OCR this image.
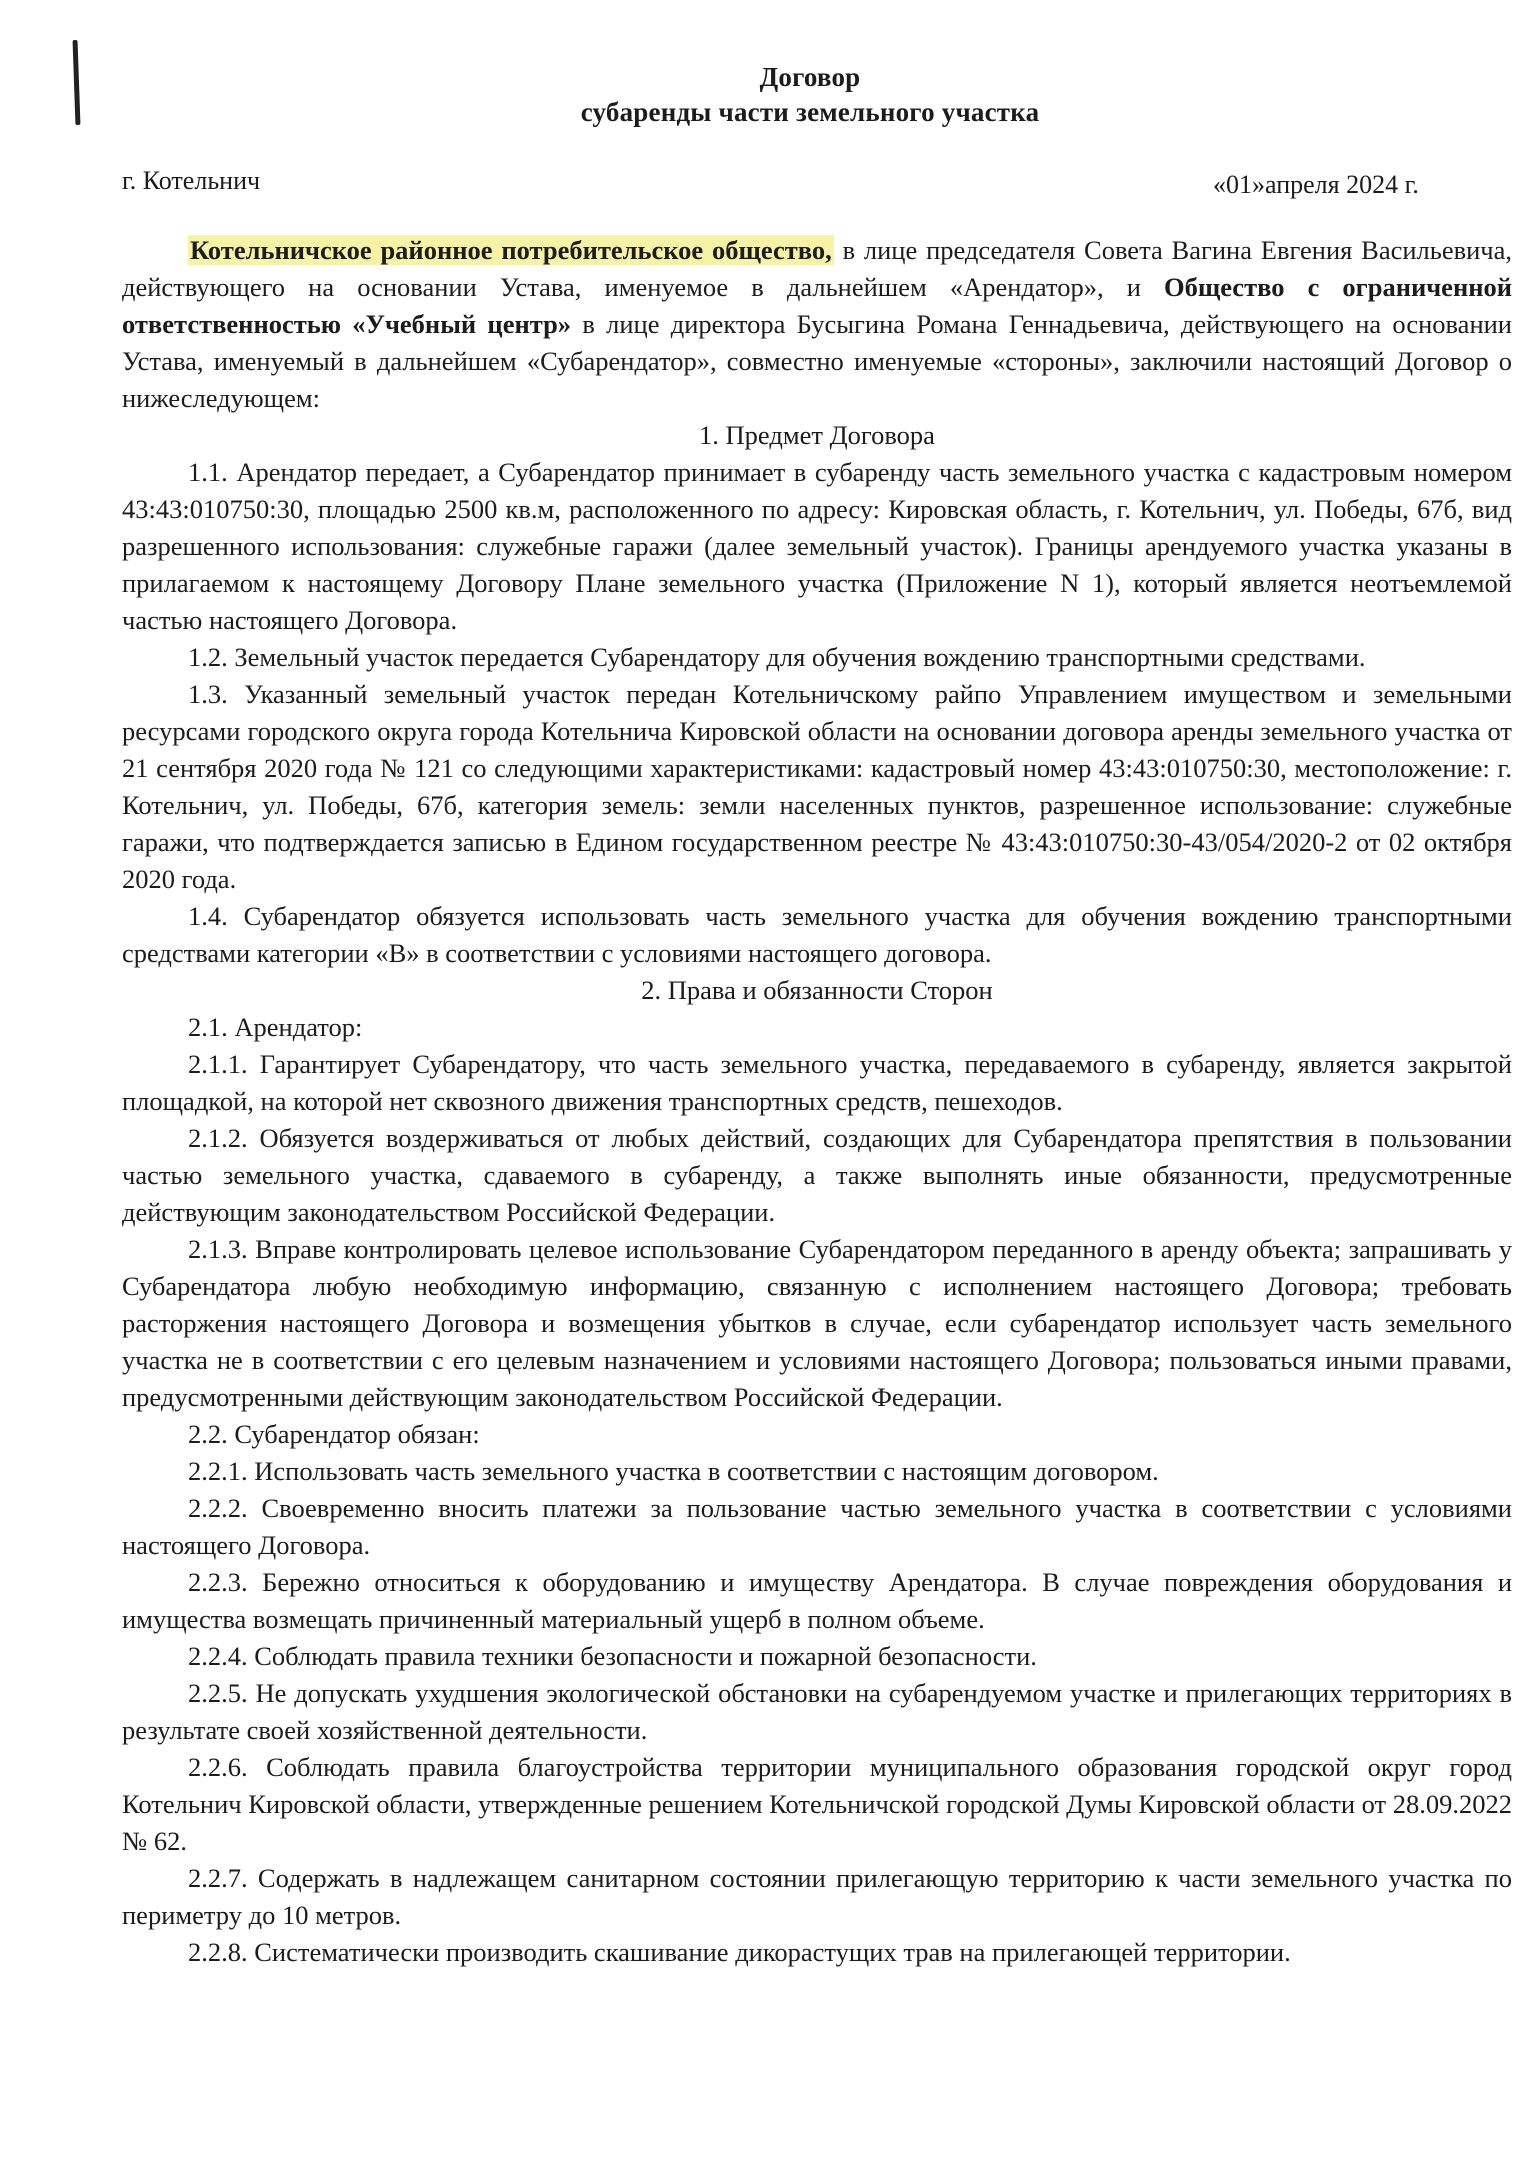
Договор
субаренды части земельного участка
г. Котельнич	«01»апреля 2024 г.

Котельничское районное потребительское общество, в лице председателя Совета Вагина Евгения Васильевича, действующего на основании Устава, именуемое в дальнейшем «Арендатор», и Общество с ограниченной ответственностью «Учебный центр» в лице директора Бусыгина Романа Геннадьевича, действующего на основании Устава, именуемый в дальнейшем «Субарендатор», совместно именуемые «стороны», заключили настоящий Договор о нижеследующем:

1. Предмет Договора

1.1. Арендатор передает, а Субарендатор принимает в субаренду часть земельного участка с кадастровым номером 43:43:010750:30, площадью 2500 кв.м, расположенного по адресу: Кировская область, г. Котельнич, ул. Победы, 67б, вид разрешенного использования: служебные гаражи (далее земельный участок). Границы арендуемого участка указаны в прилагаемом к настоящему Договору Плане земельного участка (Приложение N 1), который является неотъемлемой частью настоящего Договора.

1.2. Земельный участок передается Субарендатору для обучения вождению транспортными средствами.

1.3. Указанный земельный участок передан Котельничскому райпо Управлением имуществом и земельными ресурсами городского округа города Котельнича Кировской области на основании договора аренды земельного участка от 21 сентября 2020 года № 121 со следующими характеристиками: кадастровый номер 43:43:010750:30, местоположение: г. Котельнич, ул. Победы, 67б, категория земель: земли населенных пунктов, разрешенное использование: служебные гаражи, что подтверждается записью в Едином государственном реестре № 43:43:010750:30-43/054/2020-2 от 02 октября 2020 года.

1.4. Субарендатор обязуется использовать часть земельного участка для обучения вождению транспортными средствами категории «В» в соответствии с условиями настоящего договора.

2. Права и обязанности Сторон

2.1. Арендатор:

2.1.1. Гарантирует Субарендатору, что часть земельного участка, передаваемого в субаренду, является закрытой площадкой, на которой нет сквозного движения транспортных средств, пешеходов.

2.1.2. Обязуется воздерживаться от любых действий, создающих для Субарендатора препятствия в пользовании частью земельного участка, сдаваемого в субаренду, а также выполнять иные обязанности, предусмотренные действующим законодательством Российской Федерации.

2.1.3. Вправе контролировать целевое использование Субарендатором переданного в аренду объекта; запрашивать у Субарендатора любую необходимую информацию, связанную с исполнением настоящего Договора; требовать расторжения настоящего Договора и возмещения убытков в случае, если субарендатор использует часть земельного участка не в соответствии с его целевым назначением и условиями настоящего Договора; пользоваться иными правами, предусмотренными действующим законодательством Российской Федерации.

2.2. Субарендатор обязан:

2.2.1. Использовать часть земельного участка в соответствии с настоящим договором.

2.2.2. Своевременно вносить платежи за пользование частью земельного участка в соответствии с условиями настоящего Договора.

2.2.3. Бережно относиться к оборудованию и имуществу Арендатора. В случае повреждения оборудования и имущества возмещать причиненный материальный ущерб в полном объеме.

2.2.4. Соблюдать правила техники безопасности и пожарной безопасности.

2.2.5. Не допускать ухудшения экологической обстановки на субарендуемом участке и прилегающих территориях в результате своей хозяйственной деятельности.

2.2.6. Соблюдать правила благоустройства территории муниципального образования городской округ город Котельнич Кировской области, утвержденные решением Котельничской городской Думы Кировской области от 28.09.2022 № 62.

2.2.7. Содержать в надлежащем санитарном состоянии прилегающую территорию к части земельного участка по периметру до 10 метров.

2.2.8. Систематически производить скашивание дикорастущих трав на прилегающей территории.
